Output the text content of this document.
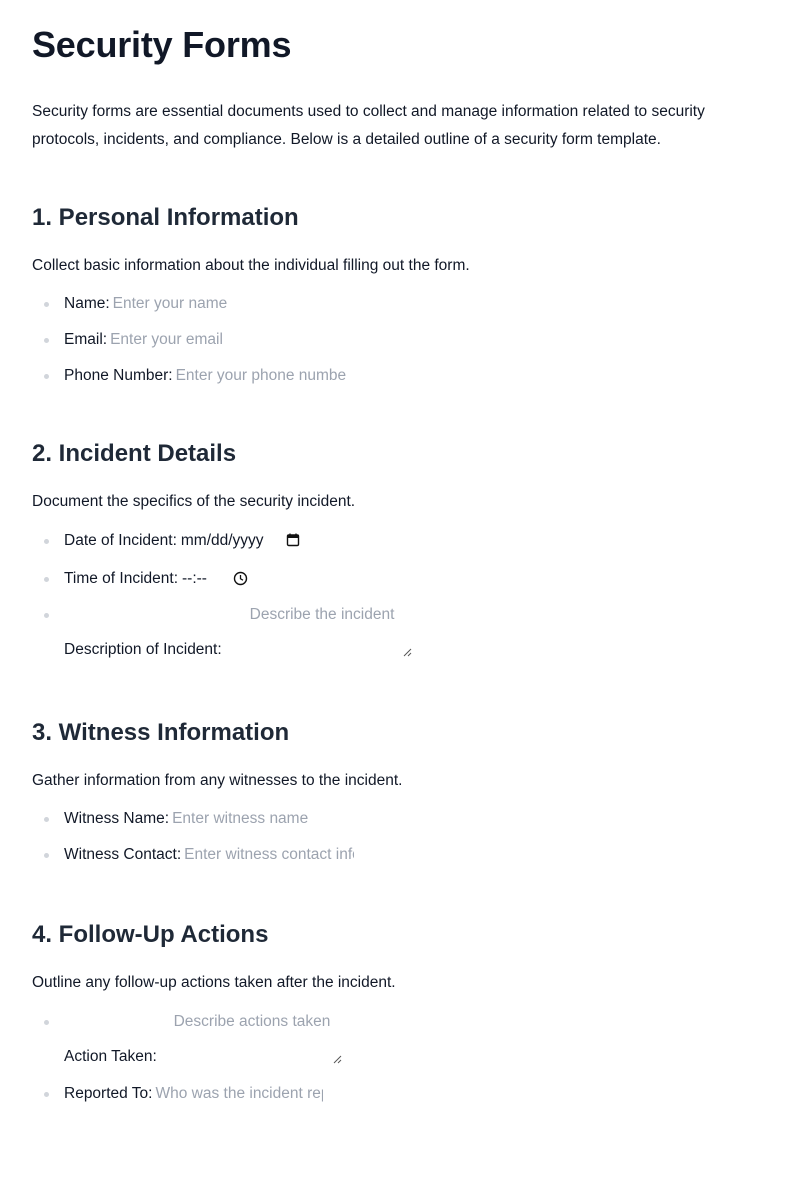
Security Forms

Security forms are essential documents used to collect and manage information related to security protocols, incidents, and compliance. Below is a detailed outline of a security form template.

1. Personal Information

Collect basic information about the individual filling out the form.

Name:Enter your name
Email:Enter your email
Phone Number:Enter your phone number
2. Incident Details

Document the specifics of the security incident.

Date of Incident: mm/dd/yyyy
Time of Incident: --:--
Description of Incident:
Describe the incident
3. Witness Information

Gather information from any witnesses to the incident.

Witness Name:Enter witness name
Witness Contact:Enter witness contact info
4. Follow-Up Actions

Outline any follow-up actions taken after the incident.

Action Taken:
Describe actions taken
Reported To:Who was the incident reported to
